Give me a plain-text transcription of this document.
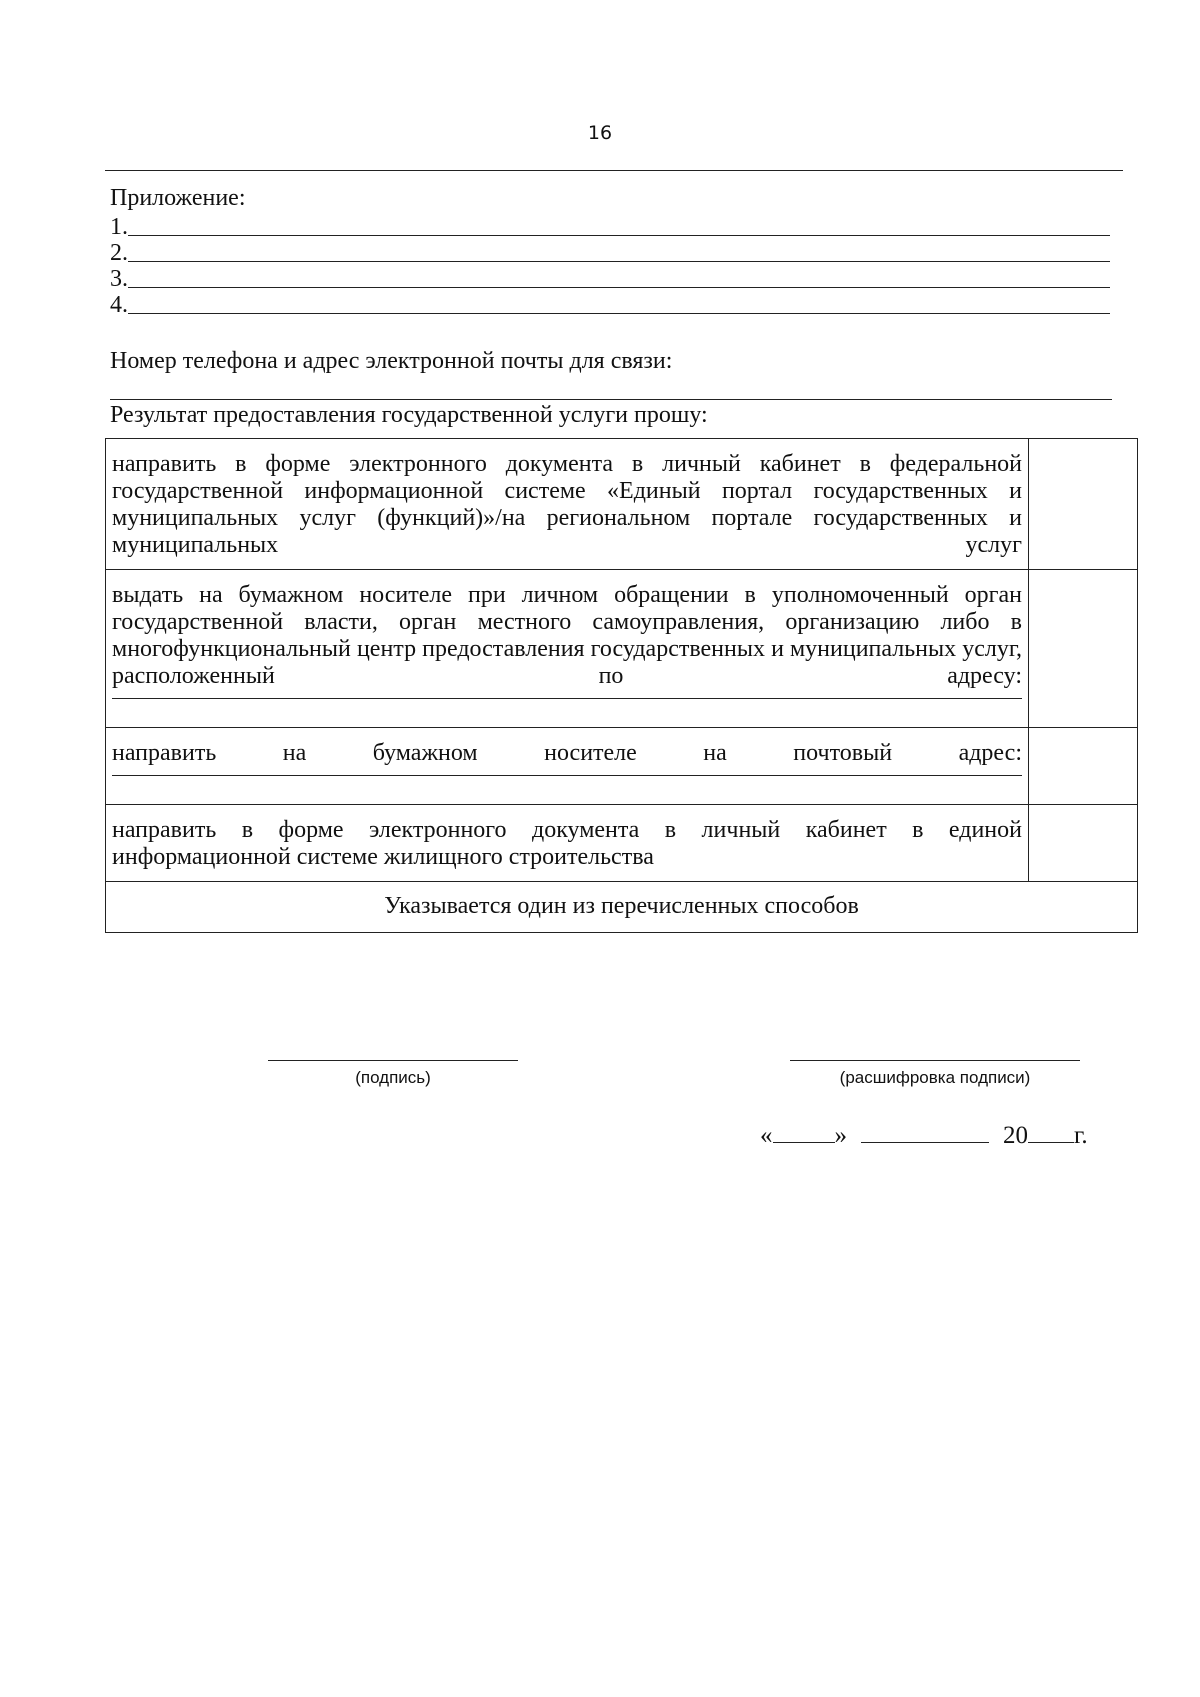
16
Приложение:
1.
2.
3.
4.
Номер телефона и адрес электронной почты для связи:
Результат предоставления государственной услуги прошу:
направить в форме электронного документа в личный кабинет в федеральной государственной информационной системе «Единый портал государственных и муниципальных услуг (функций)»/на региональном портале государственных и муниципальных услуг	

выдать на бумажном носителе при личном обращении в уполномоченный орган государственной власти, орган местного самоуправления, организацию либо в многофункциональный центр предоставления государственных и муниципальных услуг, расположенный по адресу:	

направить на бумажном носителе на почтовый адрес:	

направить в форме электронного документа в личный кабинет в единой информационной системе жилищного строительства	
Указывается один из перечисленных способов	
(подпись)	(расшифровка подписи)
« »	20 г.
